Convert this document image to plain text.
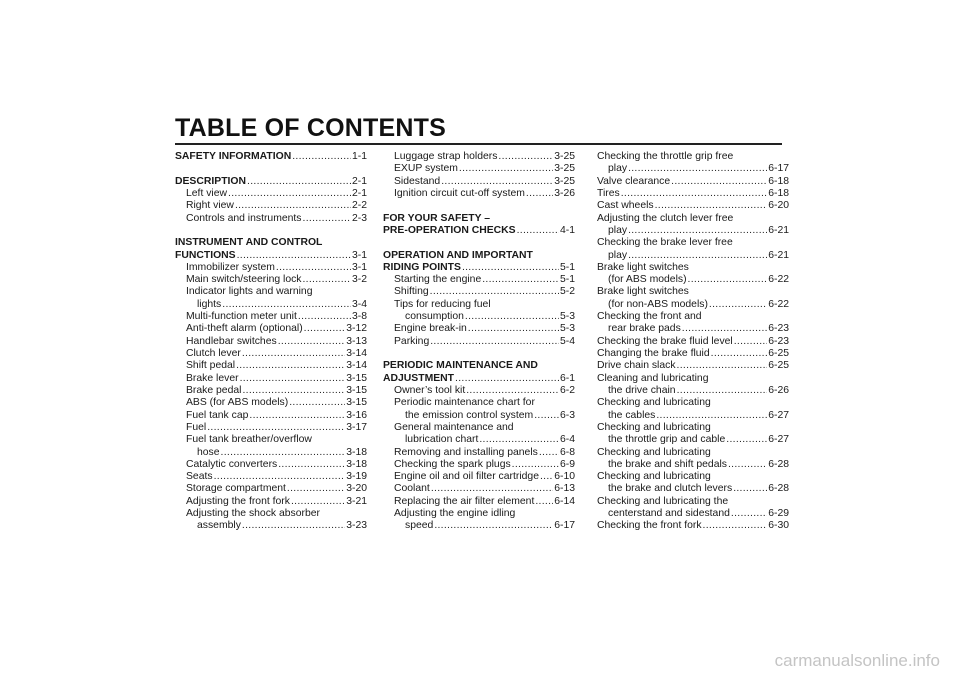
TABLE OF CONTENTS
SAFETY INFORMATION .....	1-1
DESCRIPTION .....	2-1
Left view .....	2-1
Right view .....	2-2
Controls and instruments .....	2-3
INSTRUMENT AND CONTROL
FUNCTIONS .....	3-1
Immobilizer system .....	3-1
Main switch/steering lock .....	3-2
Indicator lights and warning
lights .....	3-4
Multi-function meter unit .....	3-8
Anti-theft alarm (optional) .....	3-12
Handlebar switches .....	3-13
Clutch lever .....	3-14
Shift pedal .....	3-14
Brake lever .....	3-15
Brake pedal .....	3-15
ABS (for ABS models) .....	3-15
Fuel tank cap .....	3-16
Fuel .....	3-17
Fuel tank breather/overflow
hose .....	3-18
Catalytic converters .....	3-18
Seats .....	3-19
Storage compartment .....	3-20
Adjusting the front fork .....	3-21
Adjusting the shock absorber
assembly .....	3-23
Luggage strap holders .....	3-25
EXUP system .....	3-25
Sidestand .....	3-25
Ignition circuit cut-off system .....	3-26
FOR YOUR SAFETY –
PRE-OPERATION CHECKS .....	4-1
OPERATION AND IMPORTANT
RIDING POINTS .....	5-1
Starting the engine .....	5-1
Shifting .....	5-2
Tips for reducing fuel
consumption .....	5-3
Engine break-in .....	5-3
Parking .....	5-4
PERIODIC MAINTENANCE AND
ADJUSTMENT .....	6-1
Owner’s tool kit .....	6-2
Periodic maintenance chart for
the emission control system .....	6-3
General maintenance and
lubrication chart .....	6-4
Removing and installing panels ..... 6-8
Checking the spark plugs .....	6-9
Engine oil and oil filter cartridge ..... 6-10
Coolant .....	6-13
Replacing the air filter element ..... 6-14
Adjusting the engine idling
speed .....	6-17
Checking the throttle grip free
play .....	6-17
Valve clearance .....	6-18
Tires .....	6-18
Cast wheels .....	6-20
Adjusting the clutch lever free
play .....	6-21
Checking the brake lever free
play .....	6-21
Brake light switches
(for ABS models) .....	6-22
Brake light switches
(for non-ABS models) .....	6-22
Checking the front and
rear brake pads .....	6-23
Checking the brake fluid level .....	6-23
Changing the brake fluid .....	6-25
Drive chain slack .....	6-25
Cleaning and lubricating
the drive chain .....	6-26
Checking and lubricating
the cables .....	6-27
Checking and lubricating
the throttle grip and cable .....	6-27
Checking and lubricating
the brake and shift pedals .....	6-28
Checking and lubricating
the brake and clutch levers .....	6-28
Checking and lubricating the
centerstand and sidestand .....	6-29
Checking the front fork .....	6-30
carmanualsonline.info
